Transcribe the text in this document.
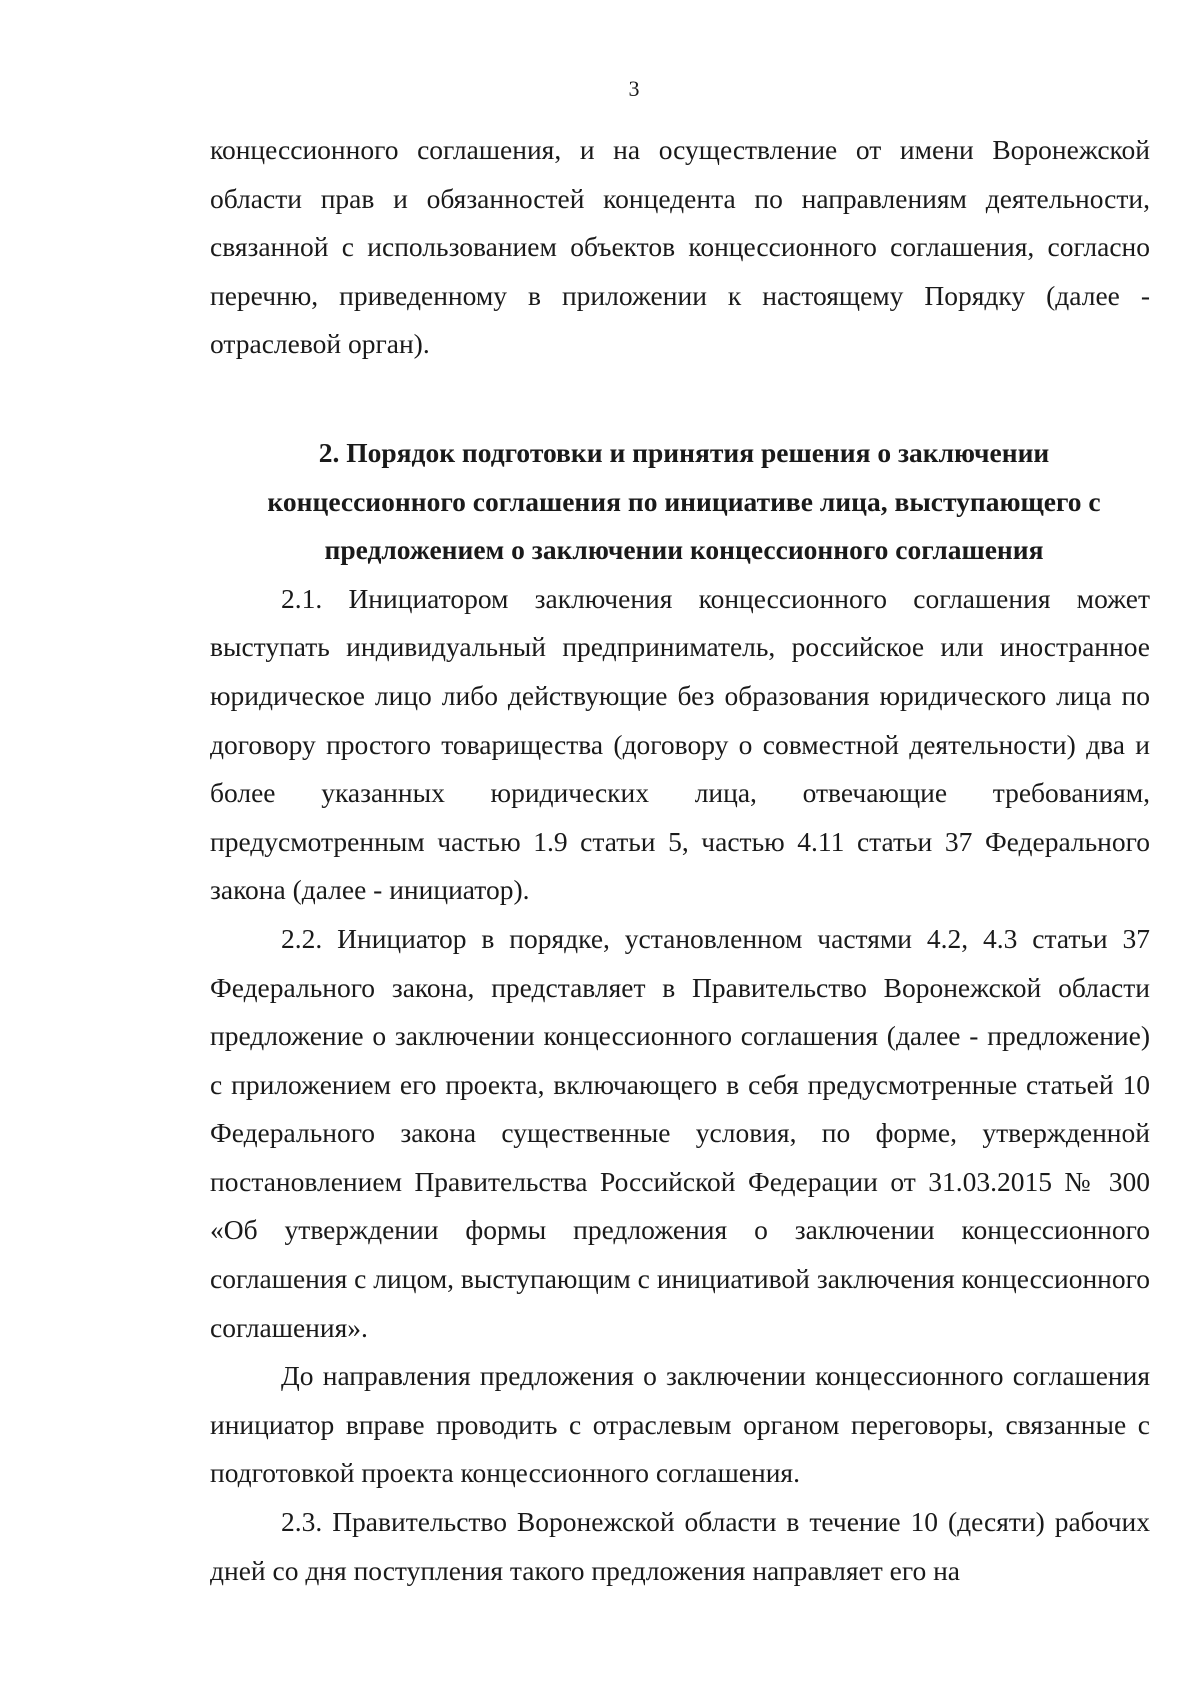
3

концессионного соглашения, и на осуществление от имени Воронежской области прав и обязанностей концедента по направлениям деятельности, связанной с использованием объектов концессионного соглашения, согласно перечню, приведенному в приложении к настоящему Порядку (далее - отраслевой орган).

2. Порядок подготовки и принятия решения о заключении
концессионного соглашения по инициативе лица, выступающего с
предложением о заключении концессионного соглашения

2.1. Инициатором заключения концессионного соглашения может выступать индивидуальный предприниматель, российское или иностранное юридическое лицо либо действующие без образования юридического лица по договору простого товарищества (договору о совместной деятельности) два и более указанных юридических лица, отвечающие требованиям, предусмотренным частью 1.9 статьи 5, частью 4.11 статьи 37 Федерального закона (далее - инициатор).

2.2. Инициатор в порядке, установленном частями 4.2, 4.3 статьи 37 Федерального закона, представляет в Правительство Воронежской области предложение о заключении концессионного соглашения (далее - предложение) с приложением его проекта, включающего в себя предусмотренные статьей 10 Федерального закона существенные условия, по форме, утвержденной постановлением Правительства Российской Федерации от 31.03.2015 № 300 «Об утверждении формы предложения о заключении концессионного соглашения с лицом, выступающим с инициативой заключения концессионного соглашения».

До направления предложения о заключении концессионного соглашения инициатор вправе проводить с отраслевым органом переговоры, связанные с подготовкой проекта концессионного соглашения.

2.3. Правительство Воронежской области в течение 10 (десяти) рабочих дней со дня поступления такого предложения направляет его на
